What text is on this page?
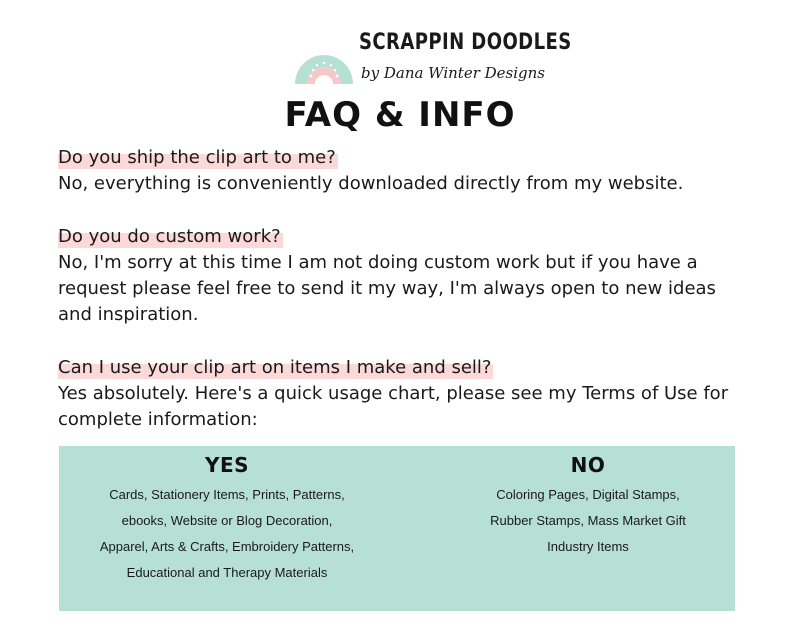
SCRAPPIN DOODLES
by Dana Winter Designs
FAQ & INFO
Do you ship the clip art to me?

No, everything is conveniently downloaded directly from my website.

Do you do custom work?

No, I'm sorry at this time I am not doing custom work but if you have a request please feel free to send it my way, I'm always open to new ideas and inspiration.

Can I use your clip art on items I make and sell?

Yes absolutely. Here's a quick usage chart, please see my Terms of Use for complete information:

YES
Cards, Stationery Items, Prints, Patterns, ebooks, Website or Blog Decoration, Apparel, Arts & Crafts, Embroidery Patterns, Educational and Therapy Materials
NO
Coloring Pages, Digital Stamps, Rubber Stamps, Mass Market Gift Industry Items
